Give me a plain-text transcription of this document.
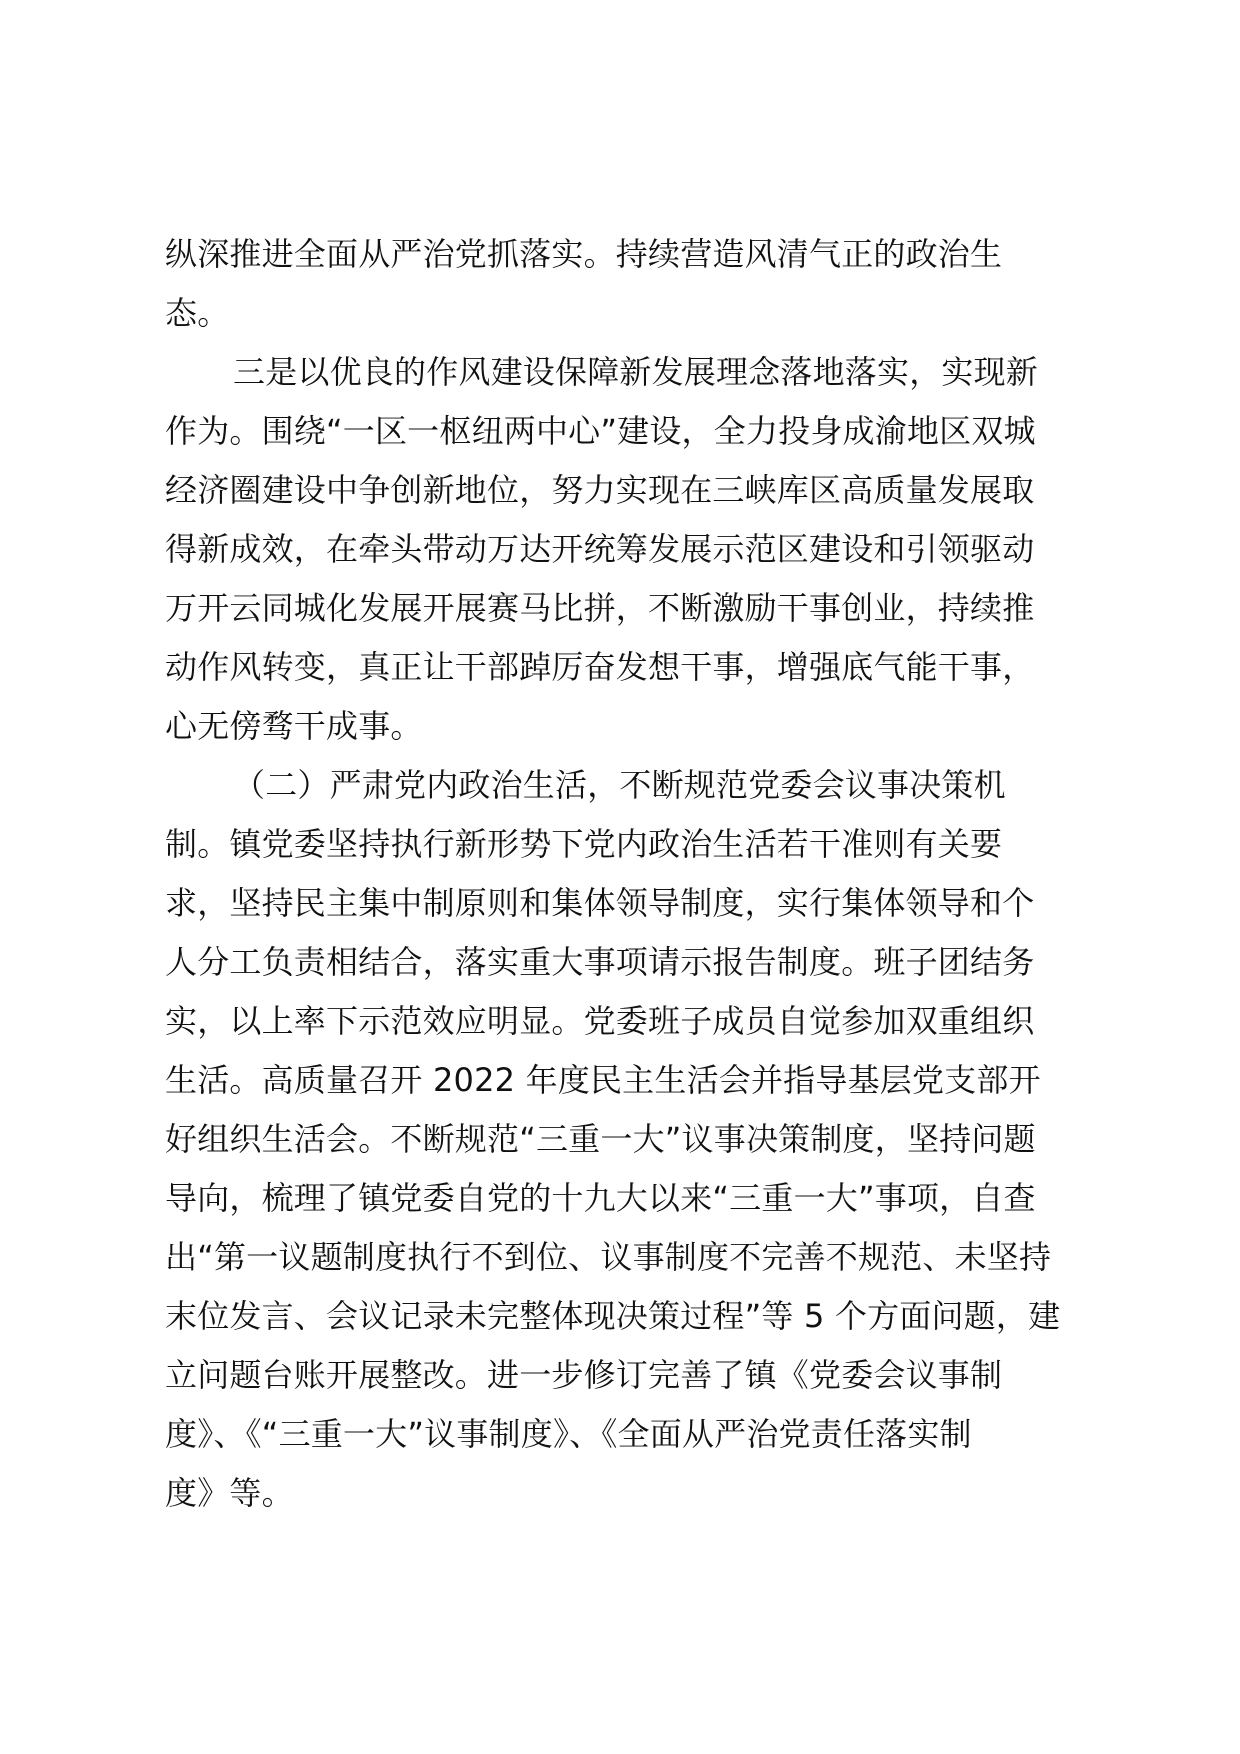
纵深推进全面从严治党抓落实。持续营造风清气正的政治生
态。
三是以优良的作风建设保障新发展理念落地落实，实现新
作为。围绕“一区一枢纽两中心”建设，全力投身成渝地区双城
经济圈建设中争创新地位，努力实现在三峡库区高质量发展取
得新成效，在牵头带动万达开统筹发展示范区建设和引领驱动
万开云同城化发展开展赛马比拼，不断激励干事创业，持续推
动作风转变，真正让干部踔厉奋发想干事，增强底气能干事，
心无傍骛干成事。
（二）严肃党内政治生活，不断规范党委会议事决策机
制。镇党委坚持执行新形势下党内政治生活若干准则有关要
求，坚持民主集中制原则和集体领导制度，实行集体领导和个
人分工负责相结合，落实重大事项请示报告制度。班子团结务
实，以上率下示范效应明显。党委班子成员自觉参加双重组织
生活。高质量召开 2022 年度民主生活会并指导基层党支部开
好组织生活会。不断规范“三重一大”议事决策制度，坚持问题
导向，梳理了镇党委自党的十九大以来“三重一大”事项，自查
出“第一议题制度执行不到位、议事制度不完善不规范、未坚持
末位发言、会议记录未完整体现决策过程”等 5 个方面问题，建
立问题台账开展整改。进一步修订完善了镇《党委会议事制
度》、《“三重一大”议事制度》、《全面从严治党责任落实制
度》等。
